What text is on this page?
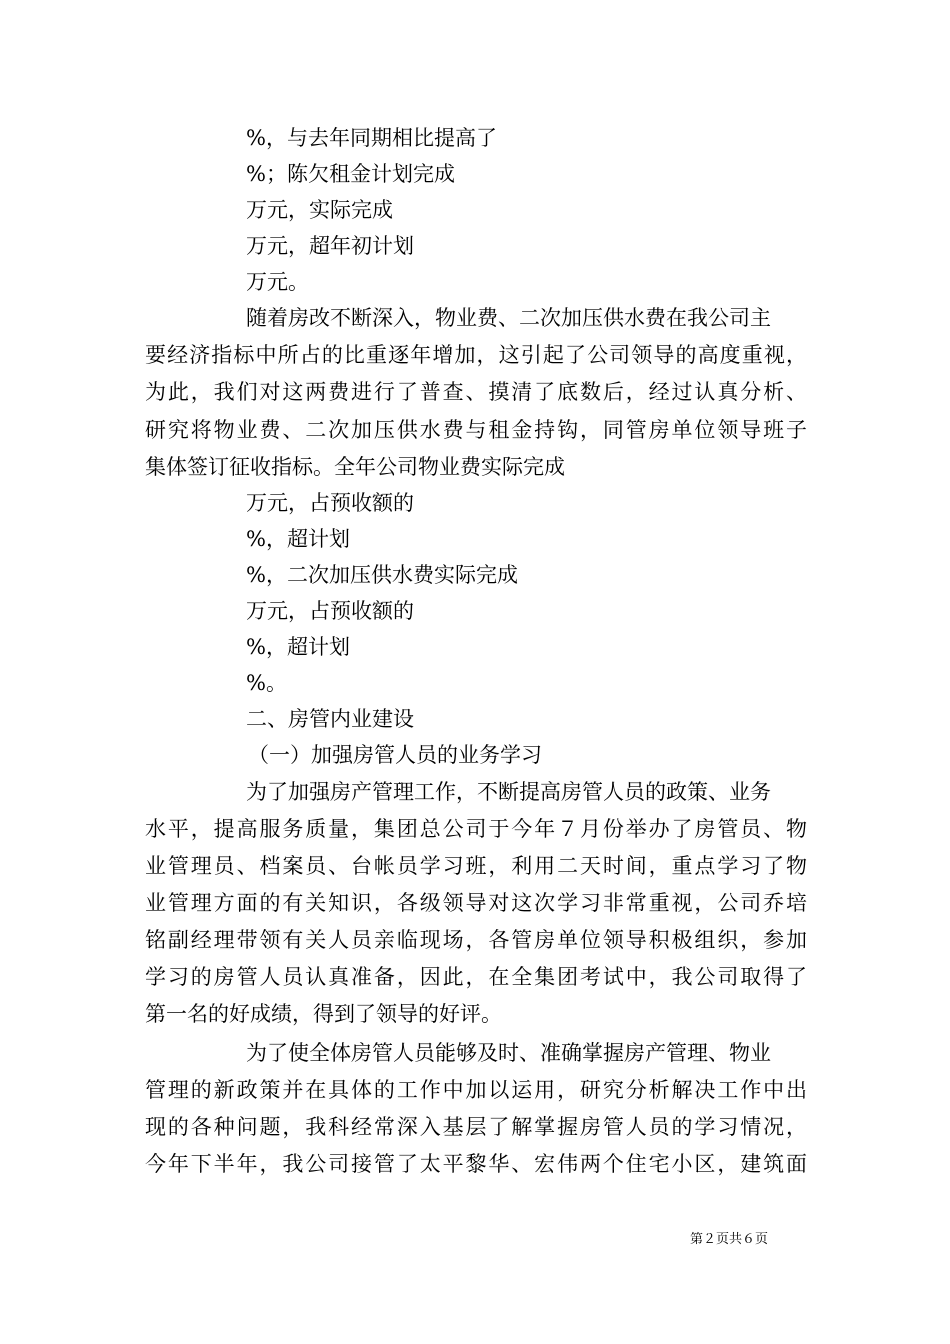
%，与去年同期相比提高了
%；陈欠租金计划完成
万元，实际完成
万元，超年初计划
万元。
随着房改不断深入，物业费、二次加压供水费在我公司主
要经济指标中所占的比重逐年增加，这引起了公司领导的高度重视，
为此，我们对这两费进行了普查、摸清了底数后，经过认真分析、
研究将物业费、二次加压供水费与租金持钩，同管房单位领导班子
集体签订征收指标。全年公司物业费实际完成
万元，占预收额的
%，超计划
%，二次加压供水费实际完成
万元，占预收额的
%，超计划
%。
二、房管内业建设
（一）加强房管人员的业务学习
为了加强房产管理工作，不断提高房管人员的政策、业务
水平，提高服务质量，集团总公司于今年７月份举办了房管员、物
业管理员、档案员、台帐员学习班，利用二天时间，重点学习了物
业管理方面的有关知识，各级领导对这次学习非常重视，公司乔培
铭副经理带领有关人员亲临现场，各管房单位领导积极组织，参加
学习的房管人员认真准备，因此，在全集团考试中，我公司取得了
第一名的好成绩，得到了领导的好评。
为了使全体房管人员能够及时、准确掌握房产管理、物业
管理的新政策并在具体的工作中加以运用，研究分析解决工作中出
现的各种问题，我科经常深入基层了解掌握房管人员的学习情况，
今年下半年，我公司接管了太平黎华、宏伟两个住宅小区，建筑面
第２页共６页
